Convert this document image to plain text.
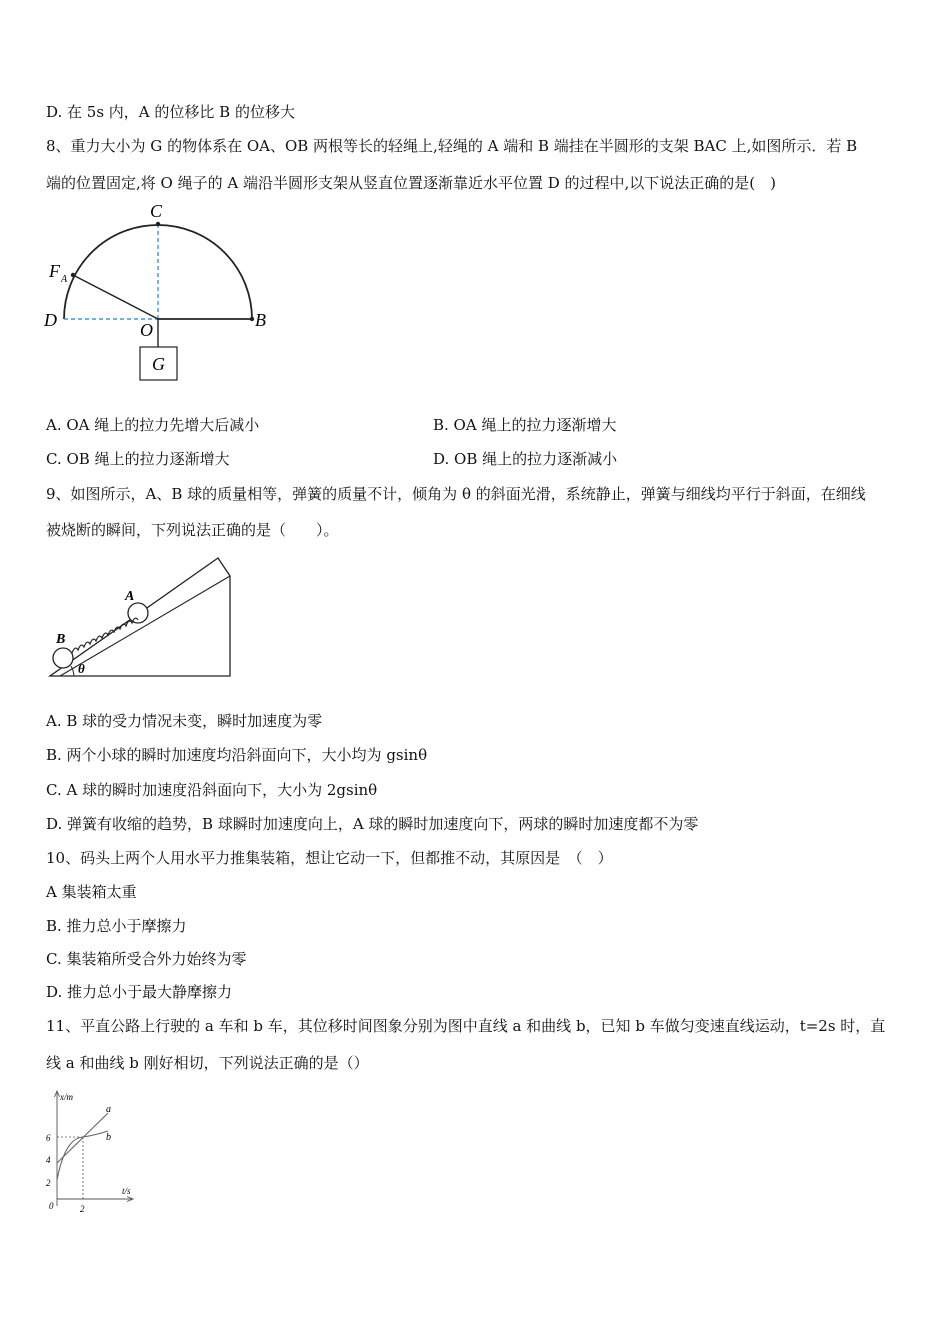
D. 在 5s 内，A 的位移比 B 的位移大
8、重力大小为 G 的物体系在 OA、OB 两根等长的轻绳上,轻绳的 A 端和 B 端挂在半圆形的支架 BAC 上,如图所示．若 B
端的位置固定,将 O 绳子的 A 端沿半圆形支架从竖直位置逐渐靠近水平位置 D 的过程中,以下说法正确的是(　)
C
F A
D	O	B
G
A. OA 绳上的拉力先增大后减小	B. OA 绳上的拉力逐渐增大
C. OB 绳上的拉力逐渐增大	D. OB 绳上的拉力逐渐减小
9、如图所示，A、B 球的质量相等，弹簧的质量不计，倾角为 θ 的斜面光滑，系统静止，弹簧与细线均平行于斜面，在细线
被烧断的瞬间，下列说法正确的是（　　）。
A
B
θ
A. B 球的受力情况未变，瞬时加速度为零
B. 两个小球的瞬时加速度均沿斜面向下，大小均为 gsinθ
C. A 球的瞬时加速度沿斜面向下，大小为 2gsinθ
D. 弹簧有收缩的趋势，B 球瞬时加速度向上，A 球的瞬时加速度向下，两球的瞬时加速度都不为零
10、码头上两个人用水平力推集装箱，想让它动一下，但都推不动，其原因是　（　）
A 集装箱太重
B. 推力总小于摩擦力
C. 集装箱所受合外力始终为零
D. 推力总小于最大静摩擦力
11、平直公路上行驶的 a 车和 b 车，其位移时间图象分别为图中直线 a 和曲线 b，已知 b 车做匀变速直线运动，t=2s 时，直
线 a 和曲线 b 刚好相切，下列说法正确的是（）
x/m
t/s
a
b
0
2
4
6
2
